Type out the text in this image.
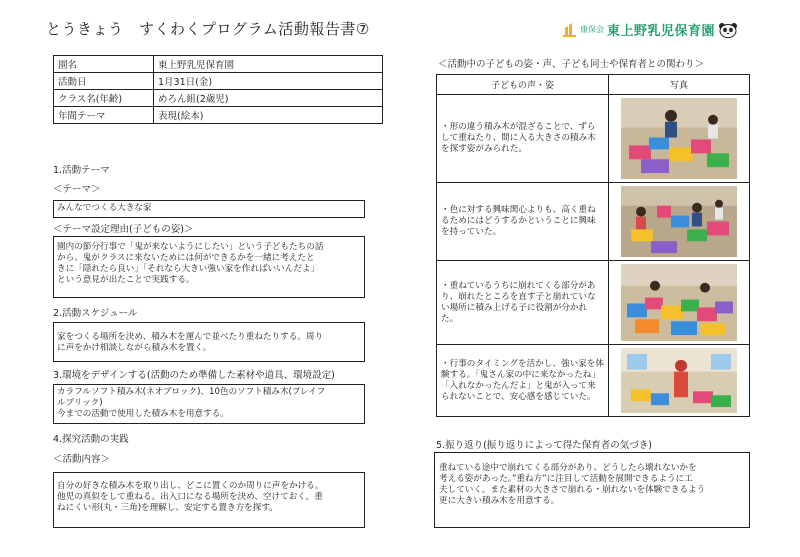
とうきょう　すくわくプログラム活動報告書⑦	康保会 東上野乳児保育園
園名	東上野乳児保育園
活動日	1月31日(金)
クラス名(年齢)	めろん組(2歳児)
年間テーマ	表現(絵本)
1.活動テーマ
＜テーマ＞
みんなでつくる大きな家
＜テーマ設定理由(子どもの姿)＞
園内の節分行事で「鬼が来ないようにしたい」という子どもたちの話
から、鬼がクラスに来ないためには何ができるかを一緒に考えたと
きに「隠れたら良い」「それなら大きい強い家を作ればいいんだよ」
という意見が出たことで実践する。
2.活動スケジュール
家をつくる場所を決め、積み木を運んで並べたり重ねたりする。周り
に声をかけ相談しながら積み木を置く。
3.環境をデザインする(活動のため準備した素材や道具、環境設定)
カラフルソフト積み木(ネオブロック)、10色のソフト積み木(プレイフ
ルブリック)
今までの活動で使用した積み木を用意する。
4.探究活動の実践
＜活動内容＞
自分の好きな積み木を取り出し、どこに置くのか周りに声をかける。
他児の真似をして重ねる。出入口になる場所を決め、空けておく。重
ねにくい形(丸・三角)を理解し、安定する置き方を探す。
＜活動中の子どもの姿・声、子ども同士や保育者との関わり＞
子どもの声・姿	写真
・形の違う積み木が混ざることで、ずらして重ねたり、間に入る大きさの積み木を探す姿がみられた。	

・色に対する興味関心よりも、高く重ねるためにはどうするかということに興味を持っていた。	

・重ねているうちに崩れてくる部分があり、崩れたところを直す子と崩れていない場所に積み上げる子に役割が分かれた。	

・行事のタイミングを活かし、強い家を体験する。「鬼さん家の中に来なかったね」「入れなかったんだよ」と鬼が入って来られないことで、安心感を感じていた。	
5.振り返り(振り返りによって得た保育者の気づき)
重ねている途中で崩れてくる部分があり、どうしたら壊れないかを
考える姿があった。”重ね方”に注目して活動を展開できるように工
夫していく。また素材の大きさで崩れる・崩れないを体験できるよう
更に大きい積み木を用意する。
